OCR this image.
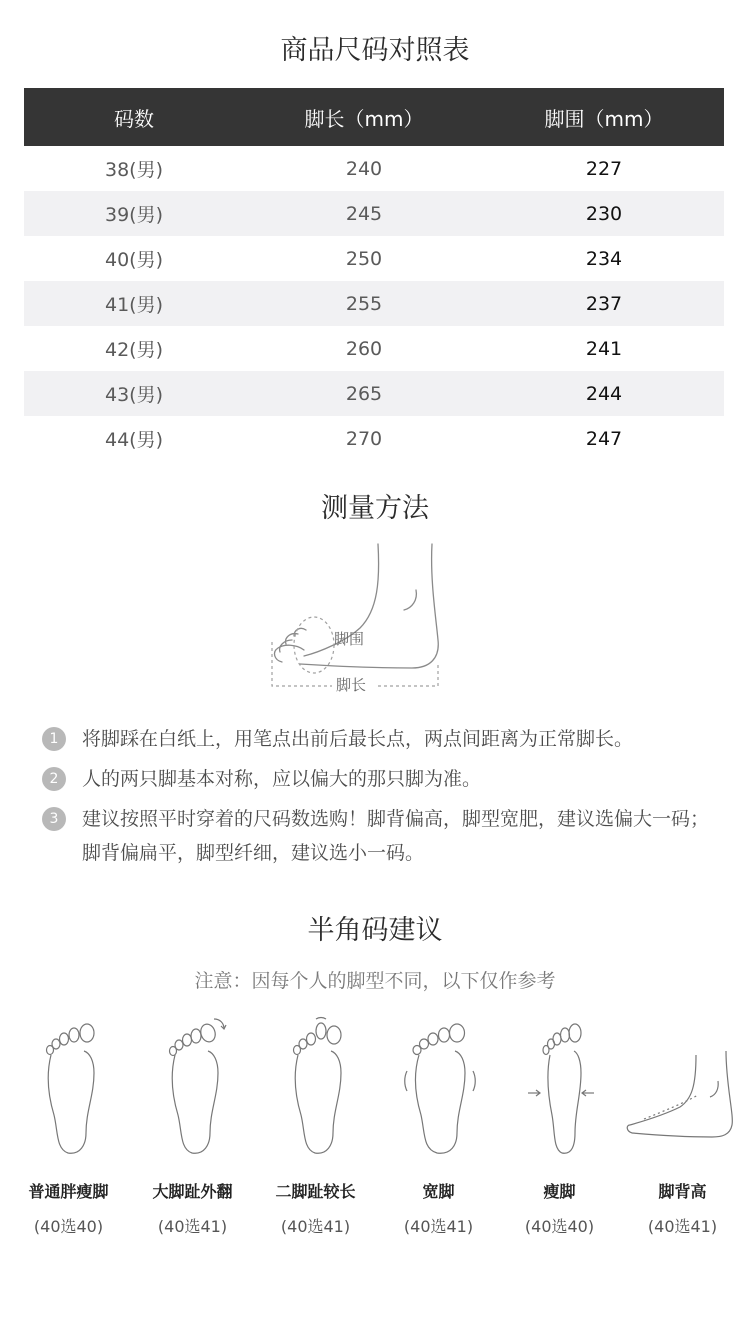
商品尺码对照表
码数	脚长（mm）	脚围（mm）
38(男)	240	227
39(男)	245	230
40(男)	250	234
41(男)	255	237
42(男)	260	241
43(男)	265	244
44(男)	270	247
测量方法
脚围
脚长
1	将脚踩在白纸上，用笔点出前后最长点，两点间距离为正常脚长。
2	人的两只脚基本对称，应以偏大的那只脚为准。
3	建议按照平时穿着的尺码数选购！脚背偏高，脚型宽肥，建议选偏大一码；脚背偏扁平，脚型纤细，建议选小一码。
半角码建议
注意：因每个人的脚型不同，以下仅作参考
普通胖瘦脚
(40选40)
大脚趾外翻
(40选41)
二脚趾较长
(40选41)
宽脚
(40选41)
瘦脚
(40选40)
脚背高
(40选41)
